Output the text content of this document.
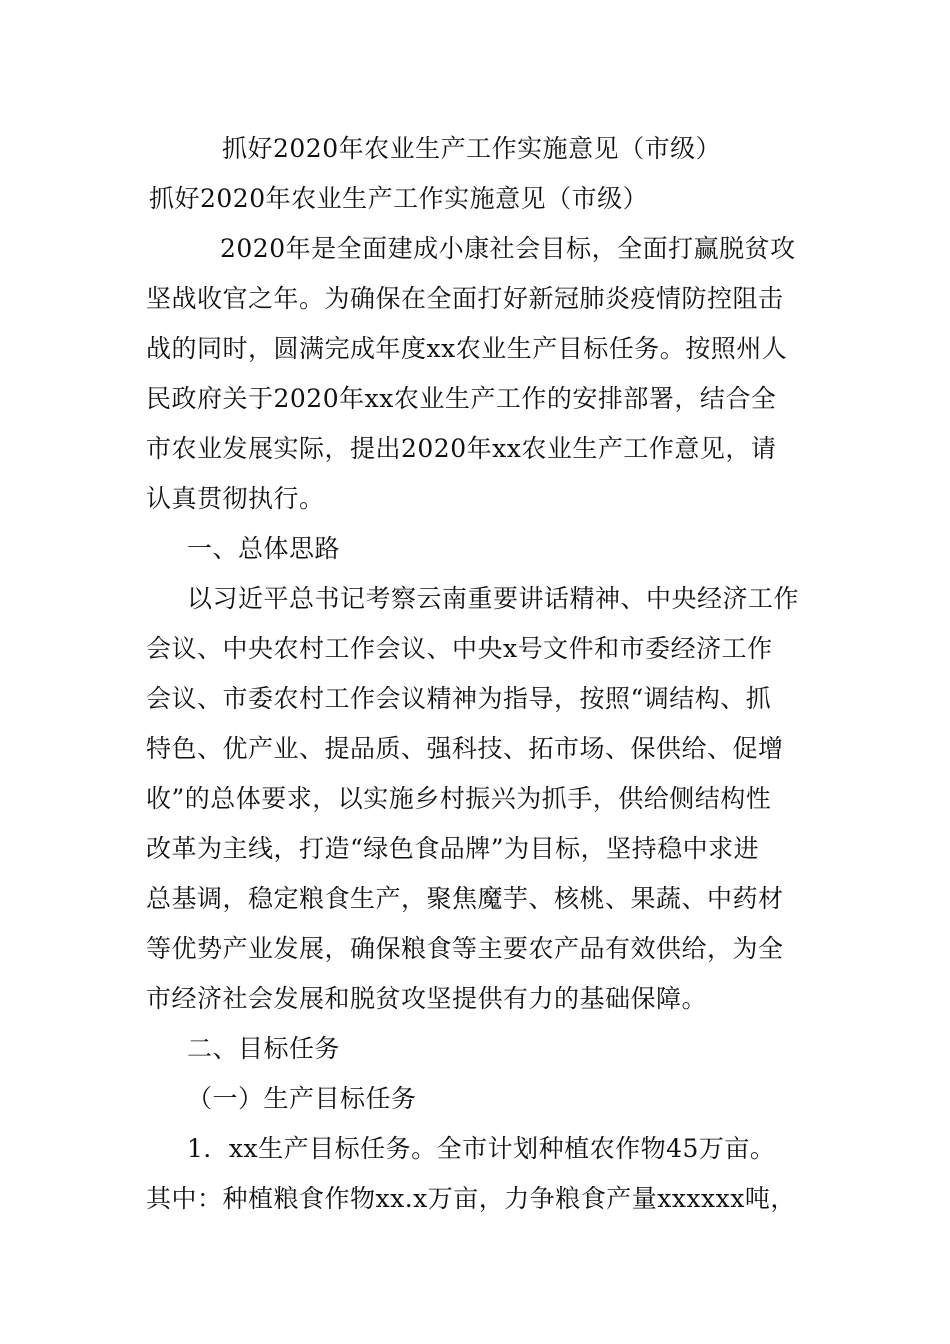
抓好2020年农业生产工作实施意见（市级）
抓好2020年农业生产工作实施意见（市级）
2020年是全面建成小康社会目标，全面打赢脱贫攻
坚战收官之年。为确保在全面打好新冠肺炎疫情防控阻击
战的同时，圆满完成年度xx农业生产目标任务。按照州人
民政府关于2020年xx农业生产工作的安排部署，结合全
市农业发展实际，提出2020年xx农业生产工作意见，请
认真贯彻执行。
一、总体思路
以习近平总书记考察云南重要讲话精神、中央经济工作
会议、中央农村工作会议、中央x号文件和市委经济工作
会议、市委农村工作会议精神为指导，按照“调结构、抓
特色、优产业、提品质、强科技、拓市场、保供给、促增
收”的总体要求，以实施乡村振兴为抓手，供给侧结构性
改革为主线，打造“绿色食品牌”为目标，坚持稳中求进
总基调，稳定粮食生产，聚焦魔芋、核桃、果蔬、中药材
等优势产业发展，确保粮食等主要农产品有效供给，为全
市经济社会发展和脱贫攻坚提供有力的基础保障。
二、目标任务
（一）生产目标任务
1．xx生产目标任务。全市计划种植农作物45万亩。
其中：种植粮食作物xx.x万亩，力争粮食产量xxxxxx吨，
